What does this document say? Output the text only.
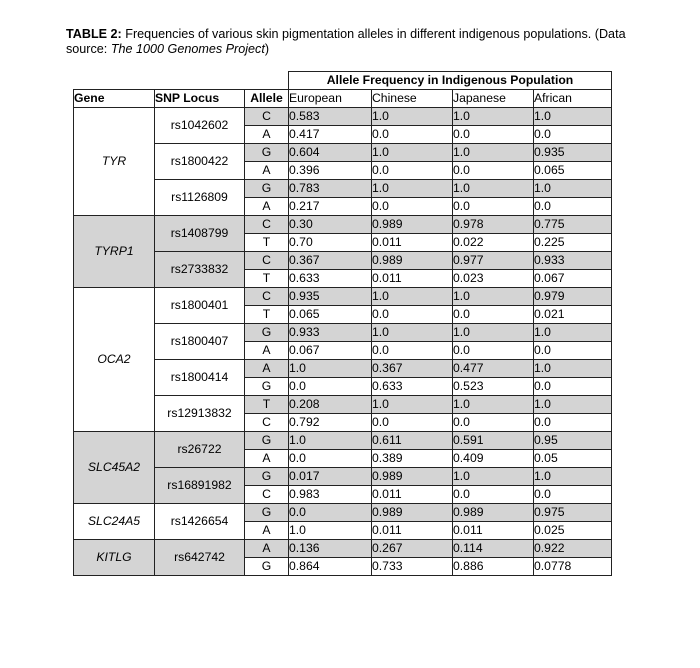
TABLE 2: Frequencies of various skin pigmentation alleles in different indigenous populations. (Data source: The 1000 Genomes Project)
			Allele Frequency in Indigenous Population			
Gene	SNP Locus	Allele	European	Chinese	Japanese	African
TYR	rs1042602	C	0.583	1.0	1.0	1.0
		A	0.417	0.0	0.0	0.0
	rs1800422	G	0.604	1.0	1.0	0.935
		A	0.396	0.0	0.0	0.065
	rs1126809	G	0.783	1.0	1.0	1.0
		A	0.217	0.0	0.0	0.0
TYRP1	rs1408799	C	0.30	0.989	0.978	0.775
		T	0.70	0.011	0.022	0.225
	rs2733832	C	0.367	0.989	0.977	0.933
		T	0.633	0.011	0.023	0.067
OCA2	rs1800401	C	0.935	1.0	1.0	0.979
		T	0.065	0.0	0.0	0.021
	rs1800407	G	0.933	1.0	1.0	1.0
		A	0.067	0.0	0.0	0.0
	rs1800414	A	1.0	0.367	0.477	1.0
		G	0.0	0.633	0.523	0.0
	rs12913832	T	0.208	1.0	1.0	1.0
		C	0.792	0.0	0.0	0.0
SLC45A2	rs26722	G	1.0	0.611	0.591	0.95
		A	0.0	0.389	0.409	0.05
	rs16891982	G	0.017	0.989	1.0	1.0
		C	0.983	0.011	0.0	0.0
SLC24A5	rs1426654	G	0.0	0.989	0.989	0.975
		A	1.0	0.011	0.011	0.025
KITLG	rs642742	A	0.136	0.267	0.114	0.922
		G	0.864	0.733	0.886	0.0778
